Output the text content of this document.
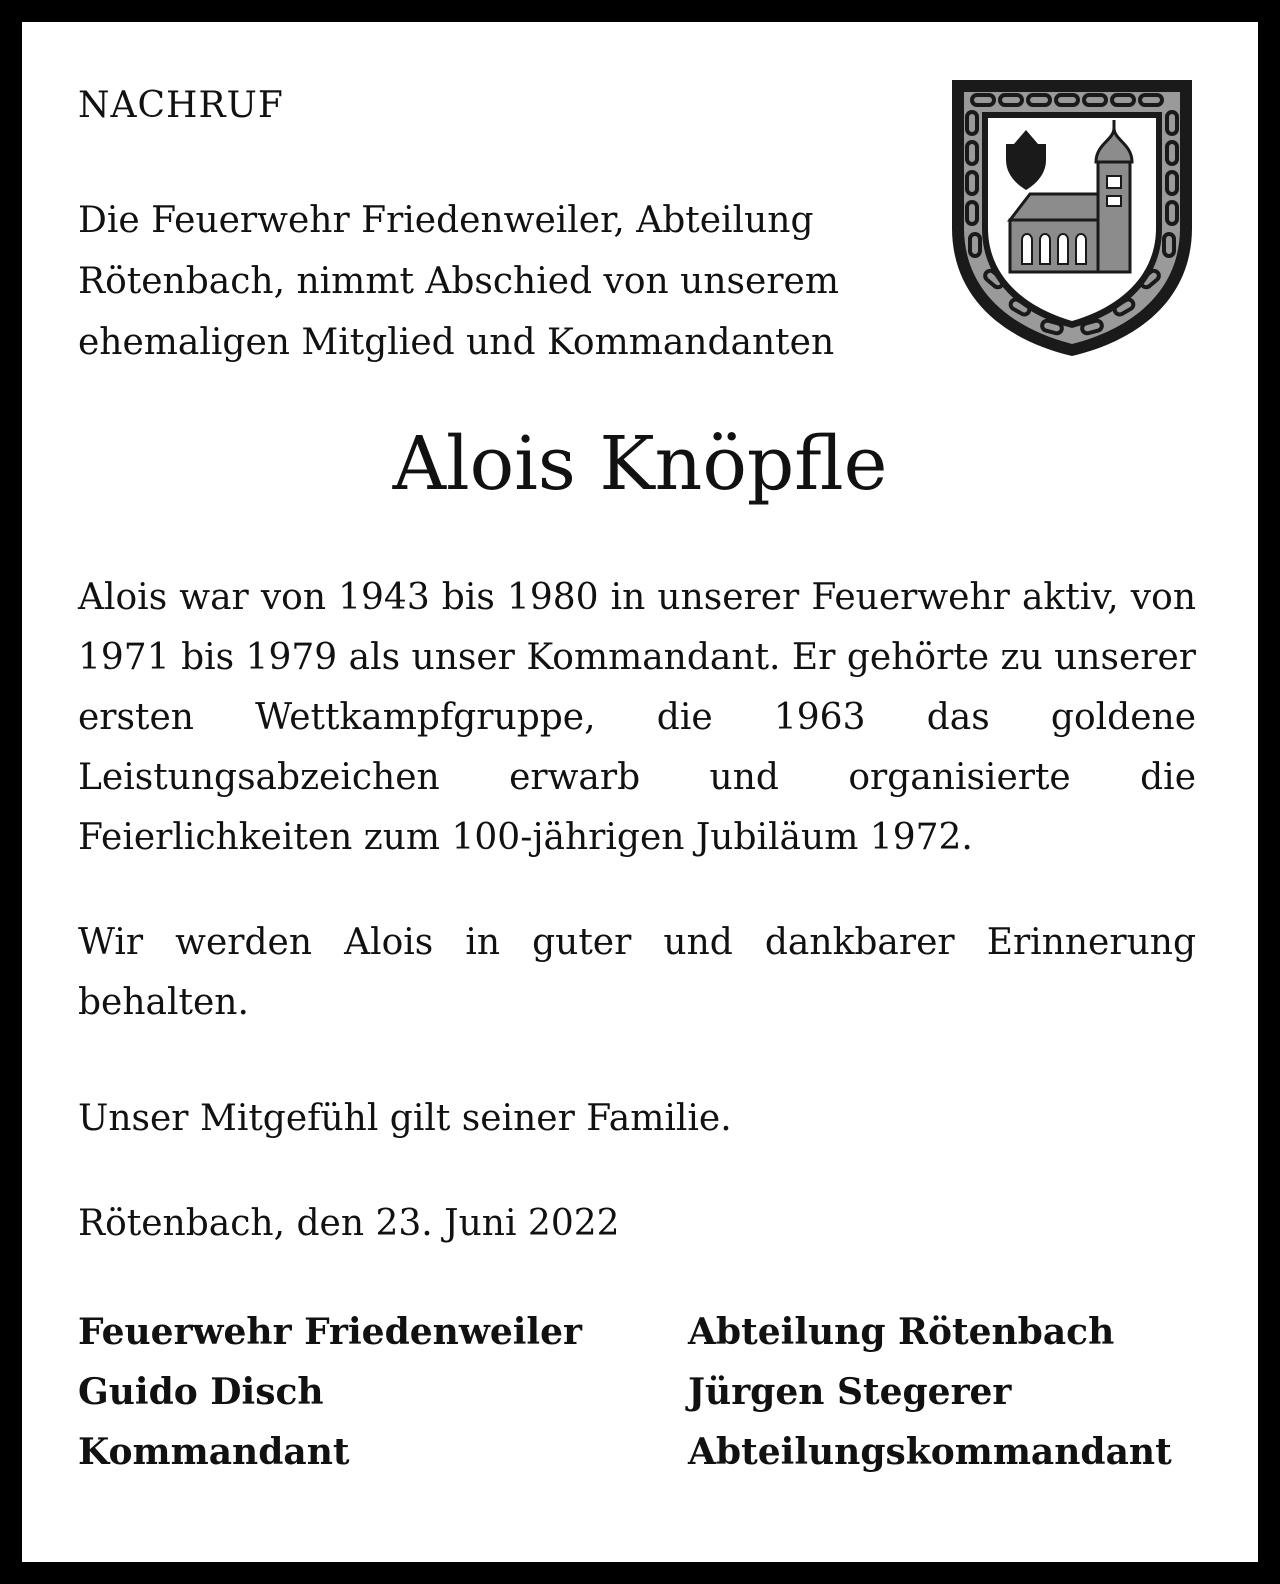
NACHRUF
Die Feuerwehr Friedenweiler, Abteilung
Rötenbach, nimmt Abschied von unserem
ehemaligen Mitglied und Kommandanten
Alois Knöpfle
Alois war von 1943 bis 1980 in unserer Feuerwehr aktiv, von 1971 bis 1979 als unser Kommandant. Er gehörte zu unserer ersten Wettkampfgruppe, die 1963 das goldene Leistungsabzeichen erwarb und organisierte die Feierlichkeiten zum 100-jährigen Jubiläum 1972.
Wir werden Alois in guter und dankbarer Erinnerung behalten.
Unser Mitgefühl gilt seiner Familie.
Rötenbach, den 23. Juni 2022
Feuerwehr Friedenweiler
Guido Disch
Kommandant
Abteilung Rötenbach
Jürgen Stegerer
Abteilungskommandant
